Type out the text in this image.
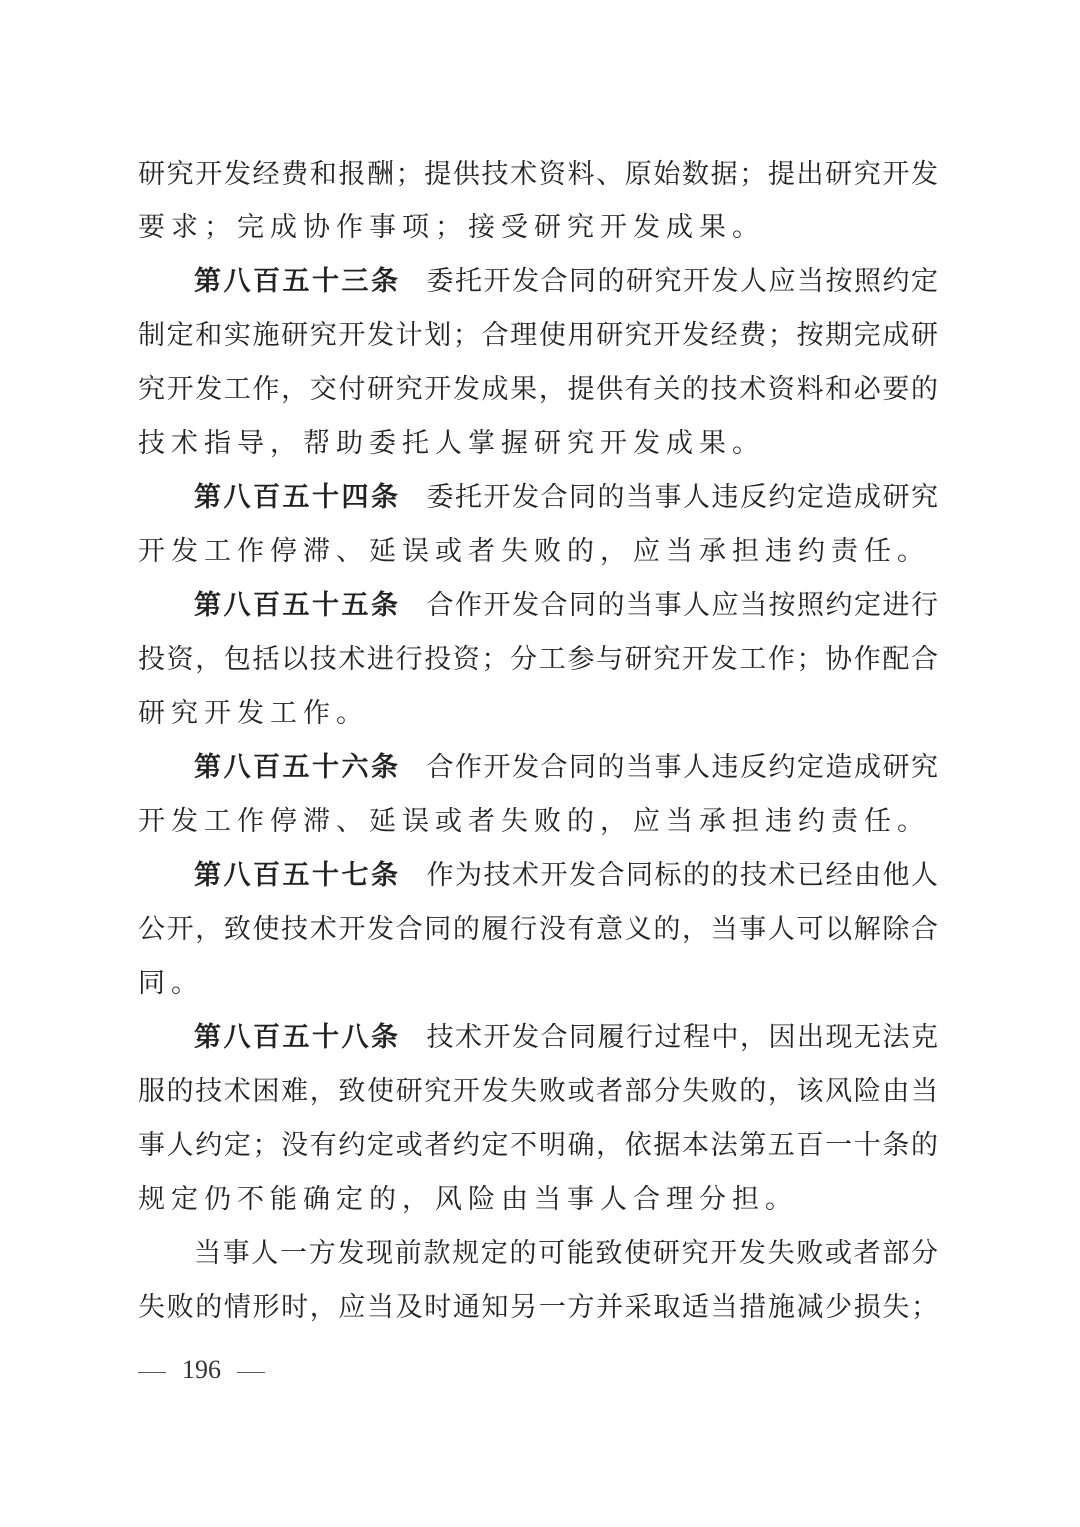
研究开发经费和报酬；提供技术资料、原始数据；提出研究开发
要求；完成协作事项；接受研究开发成果。
第八百五十三条 委托开发合同的研究开发人应当按照约定
制定和实施研究开发计划；合理使用研究开发经费；按期完成研
究开发工作，交付研究开发成果，提供有关的技术资料和必要的
技术指导，帮助委托人掌握研究开发成果。
第八百五十四条 委托开发合同的当事人违反约定造成研究
开发工作停滞、延误或者失败的，应当承担违约责任。
第八百五十五条 合作开发合同的当事人应当按照约定进行
投资，包括以技术进行投资；分工参与研究开发工作；协作配合
研究开发工作。
第八百五十六条 合作开发合同的当事人违反约定造成研究
开发工作停滞、延误或者失败的，应当承担违约责任。
第八百五十七条 作为技术开发合同标的的技术已经由他人
公开，致使技术开发合同的履行没有意义的，当事人可以解除合
同。
第八百五十八条 技术开发合同履行过程中，因出现无法克
服的技术困难，致使研究开发失败或者部分失败的，该风险由当
事人约定；没有约定或者约定不明确，依据本法第五百一十条的
规定仍不能确定的，风险由当事人合理分担。
当事人一方发现前款规定的可能致使研究开发失败或者部分
失败的情形时，应当及时通知另一方并采取适当措施减少损失；
196
